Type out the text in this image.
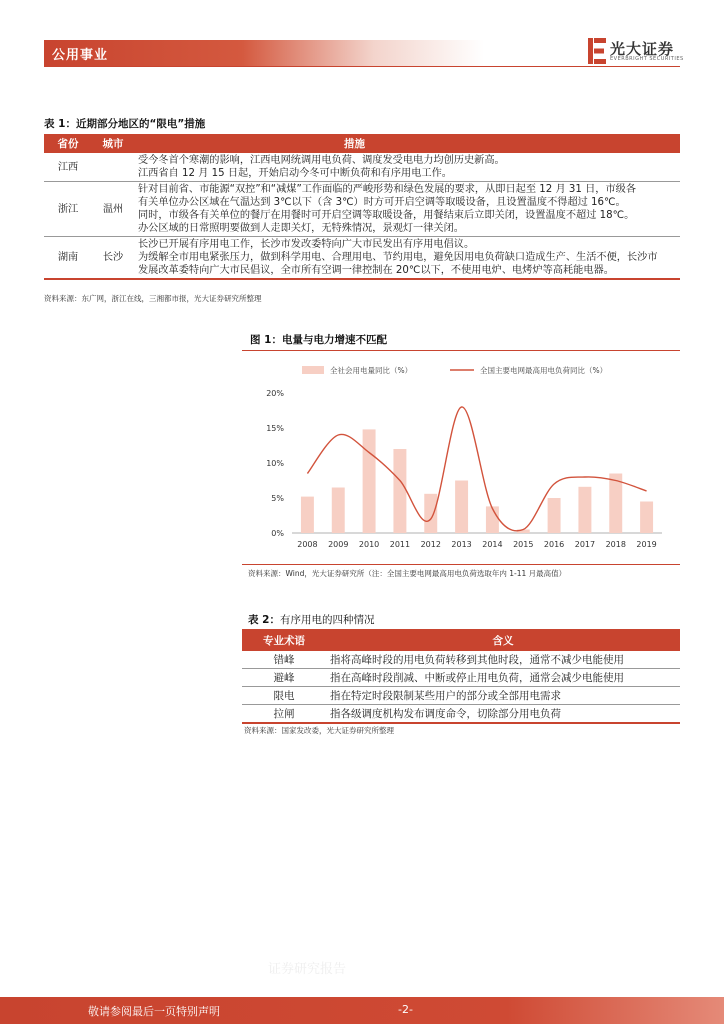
公用事业	光大证券
EVERBRIGHT SECURITIES
表 1：近期部分地区的“限电”措施
省份	城市	措施
江西		受今冬首个寒潮的影响，江西电网统调用电负荷、调度发受电电力均创历史新高。
江西省自 12 月 15 日起，开始启动今冬可中断负荷和有序用电工作。

浙江	温州	针对目前省、市能源“双控”和“减煤”工作面临的严峻形势和绿色发展的要求，从即日起至 12 月 31 日，市级各
有关单位办公区域在气温达到 3℃以下（含 3℃）时方可开启空调等取暖设备，且设置温度不得超过 16℃。
同时，市级各有关单位的餐厅在用餐时可开启空调等取暖设备，用餐结束后立即关闭，设置温度不超过 18℃。
办公区域的日常照明要做到人走即关灯，无特殊情况，景观灯一律关闭。

湖南	长沙	长沙已开展有序用电工作，长沙市发改委特向广大市民发出有序用电倡议。
为缓解全市用电紧张压力，做到科学用电、合理用电、节约用电，避免因用电负荷缺口造成生产、生活不便，长沙市
发展改革委特向广大市民倡议，全市所有空调一律控制在 20℃以下，不使用电炉、电烤炉等高耗能电器。
资料来源：东广网，浙江在线，三湘都市报，光大证券研究所整理
图 1：电量与电力增速不匹配
0%
5%
10%
15%
20%
2008 2009 2010 2011 2012 2013 2014 2015 2016 2017 2018 2019
全社会用电量同比（%）	全国主要电网最高用电负荷同比（%）
资料来源：Wind，光大证券研究所（注：全国主要电网最高用电负荷选取年内 1-11 月最高值）
表 2：有序用电的四种情况
专业术语	含义
错峰	指将高峰时段的用电负荷转移到其他时段，通常不减少电能使用
避峰	指在高峰时段削减、中断或停止用电负荷，通常会减少电能使用
限电	指在特定时段限制某些用户的部分或全部用电需求
拉闸	指各级调度机构发布调度命令，切除部分用电负荷
资料来源：国家发改委，光大证券研究所整理
证券研究报告
敬请参阅最后一页特别声明	-2-
